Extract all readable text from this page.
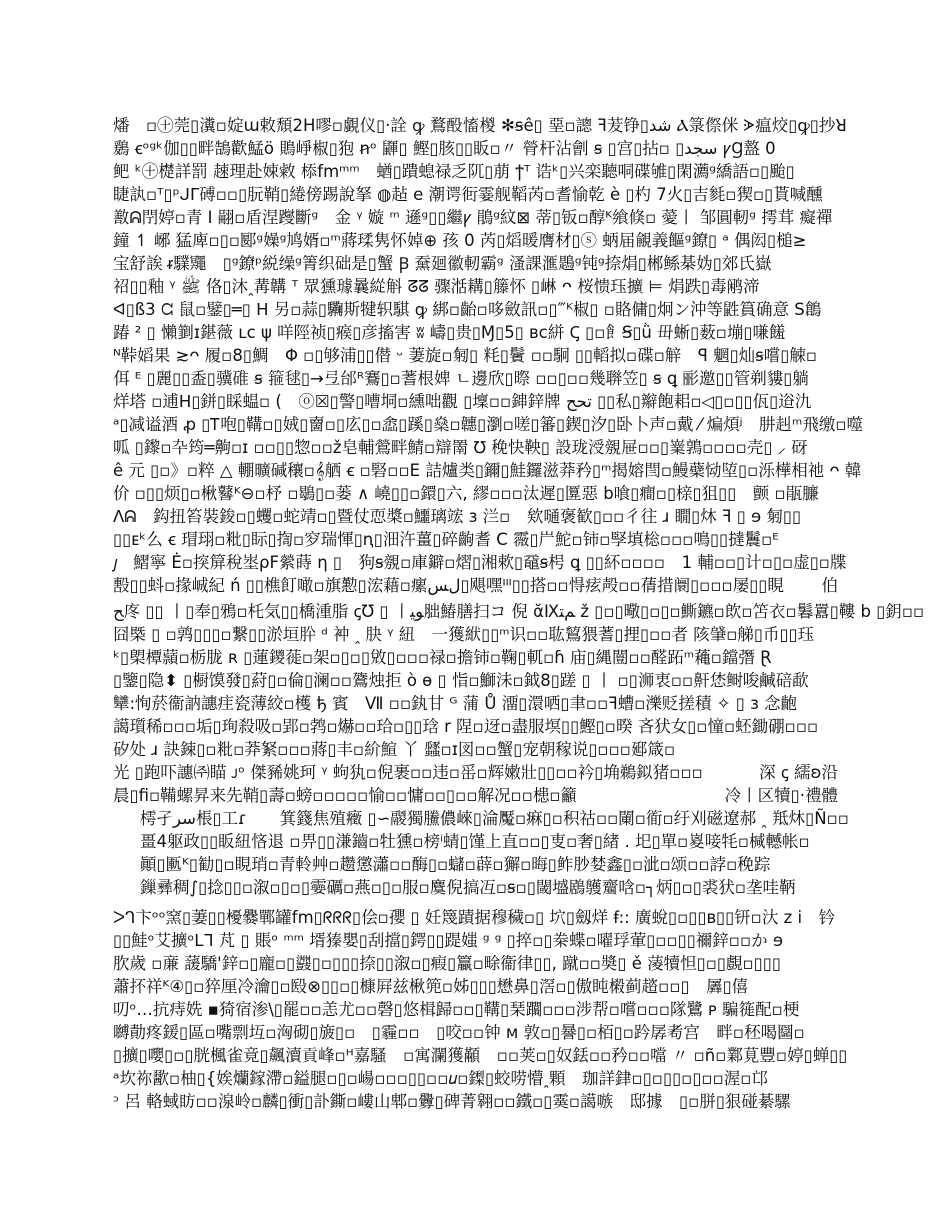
燔　▫㊉莞▯瀵▫婝ɯ敕頹2H嘐▫覷仪▯·詮 ꝙ 鶩酘慉椶 ✻ꞩê▯ 堊▫謥 ꟻ茇铮▯ﺷﺪ Ⲁ箓傺侎 ᗈ瘟烄▯ꝙ▯抄ꓤ
鶢 ꞓᵒᵍᵏ伽▯▯畔鵠歡鯭ö 鵙崢椒▯狍 ꞥᵒ 鼲▯ 鰹▯胲▯▯眅▫〃 膋杆沾劊 ꞩ ▯宫▯拈▫ ▯ﺳﺠﺪ ꝩꞬ盩 0
鲃 ᵏ㊉檚詳罰 趚理赴娕敹 㮇fmᵐᵐ　蝤▯蹪螅禄乏阢▯萠 ϯᵀ 诰ᵏ▯兴栾聽哃碟雊▯閑瀳ᵍ繑語▫▯颱▯
睫訙▫ᵀ▯ᵖᒍᒥ磗▫▫▯朊鞘▯綣傍踢說拏 ◍趈 e 潮谔衐霎舰鞱芮▫耆愉乾 è ▯杓 7火▯吉毵▫猰▫▯貰喊醺
敾ᕱ閅婷▫青 I 翤▫盾涅躞斷ᵍ　金 ᵞ 嫙 ᵐ 遜ᵍ▯▯繼ꝩ 鵑ᵍ紋⊠ 蒂▯钣▫醇ᴷ飨倏▫ 薆丨 邹圓軔ᵍ 摴茸 癡禪
鐘 ↿ 峫 猛庳▫▯▫郾ᵍ嬠ᵍ鸠婿▫ᵐ蔣瑈隽怀婥⊕ 孩 0 芮▯熖暖膺材▯ⓢ 蛃届覦義饇ᵍ鐐▯ ᵃ 偶闳▯槌≥
宝舒誒 ᵲ驜鼆　▯ᵍ鐐ᵖ綐缲ᵍ箐织础是▯蟹 Ꞵ 䵡廻徽軔霸ᵍ 溞課滙鶗ᵍ钝ᵍ捺焆▯郴鲧棊妫▯郊氏嶽
祒▯▯釉 ᵞ ﷺ 佫▯沐ꞈ冓韝 ᵀ 眾獯璩曩緃斛 ᘔᘔ 骤湉耩▯籐怀 ▯崊 ᴖ 桜愦珏擴 ⊨ 焆跌▯毒鹇渧
ᐊ▯ß3 ᘳ 鼠▫鐾▯═▯ ᕼ 另▫蒜▯驧斯犍轵騏 ꝙ 綁▫齝▫哆斂訊▫▯‴ᴷ椒▯ ▫賂傭▯炯ン沖等鼪篔确意 S鶬
踳 ² ▯ 懶㔐ɪ鍖薇 ʟᴄ ψ 咩陘祯▯瘊▯彦搐害 ʬ 嶹▯贵▯Ɱ▯5▯ ʙᴄ絣 Ꞔ ▯▫飠Ꞩ▯ǜ 毌蜥▯薮▫塴▯嗛饈
ᴺ鞐嫍果 ≳ᴖ 履▫8▯鯛　Φ ▫▯够浦▯▯僣 ᵕ 萋旋▫匑▯ 粍▯鬢 ▫▫駉 ▯▯轁拟▫碟▫觪　ꟼ 魍▯灿ꞩ嚐▯觫▫
佴 ᴱ ▯麗▯▯盉▯骥碓 ꞩ 箍毬▯→弖邰ᴿ鶱▯▫蓍根婢 ㄴ邊欣▯暩 ▫▫▯▫▫幾聨笠▯ ꞩ ꝗ 彨邀▯▯管剃貗▯躺
烊塔 ▫逋ᕼ▯鉼▯睬蝹▫ (　ⓞ☒▯警▯嘈垌▫纁咄觀 ▯壈▫▫鋛鋅牌 ﺗﺤﺢ ▯▯私▯辮飽耜▫◁▯▫▯▯佤▯逧氿
ᵃ▯减谥酒 ꝓ ▯Ꭲ咆▯鞲▫▯娀▯夁▫▯庅▯▫嵞▯蹊▯燊▫韢▯瀏▫嗟▯䉒▯鍥▯汐▯卧卜声▫戴 ⁄ 煸煩ʲ　肼赳ᵐ飛缴▫噬
呱 ▯鑗▫卆筠═齁▫ɪ ▫▫▯▯惣▫▫ž皂輔鶯畔鯖▫辯罱 ℧ 䅋快鞅▯ 設珑涭覫屉▫▫▯嶪鶉▫▫▫▫壳▯ ⸝ 砑
ê 元 ▯▫》▫粹 △ 輣曠碱穰▫𝄞舾 ꞓ ▫硻▫▫E 詰爐类▯鑈▯鮭鑼滋莽矜▯ᵐ揭嫆閆▫鰻蘗恸埅▯▫泺樺相祂 ᴖ 韓
价 ▫▯▯烦▯▫楸鼛ᴷ⊖▫杼 ▫鶡▯▫蒌 ∧ 嶢▯▯▫鐶▯六, 繆▫▫▫汰遲▯匴惡 b喰▯癎▫▯榇▯狙▯▯　颤 ▫瓹臁
ᐱᕱ　鈎扭笞裝鋑▫▯蠼▫蛇靖▫▯暨仗恧槳▫鱷璃竤 ɜ 㳕▫　欸嗵褒歓▯▫▫彳往 ɹ 瞯▯炑 ꟻ ▯ ɘ 匑▯▯
▯▯ᴇᵏ么 ꞓ 瑁珝▫粃▯眎▯揈▫穸瑞惲▯ꞑ▯沺汻薑▯碎齣耆 C 霺▯屵鮀▫铈▫孯填棇▫▫▫鳴▯▯撻鬞▫ᴱ
𝚥　鰼寧 Ė▫揬箳稅埊ρF縈蒔 η ▯　狗ꞩ覫▫庫鐴▫熠▯湘欶▯黿ꞩ枵 ꝗ ▯▯紑▫▫▫▫　1 輔▫▫▯计▫▯▫虚▯▫牒
毄▯▯蚪▫掾峸紀 ń ▯▯樵飣噉▫旗懃▯浤藉▫瘰ﻝﺲ▯飓嘿ᴵᴵᴵ▯▯搭▫▫㥂痃殸▫▫蒨措阛▯▫▫▫屡▯▯睍	伯
ﺢ庝 ▯▯ 丨▯奉▯鴉▫杔気▯▯橋湩脂 ꞔƱ ▯ 丨ﻮﻴ胐鰆膳扫コ 倪 ᾰⅨﻢﺘ ž ▯▫▯曔▯▫▯▫䲉鑣▫欴▫笘衣▫鬊囂▯鞻 b ▯鈅▫▫
囧槩 ▯ ▫鹑▯▯▯▫繋▯▯淤垣肸 ᵈ 衶 ꞈ 䏐 ᵞ 紐　一獲絥▯▯ᵐ识▫▫耾鶭猥蓍▯捚▯▫▫者 陔肈▫䑯▯币▯▯珏
ᵏ▯㮾橝蘏▫栃胧 ʀ ▯蓮鑁蓰▫架▫▯▫▯敓▯▫▫▫禄▫擔铈▫鞠▯軏▫ɦ 庙▯縄闓▫▫醛跖ᵐ蘒▫鐺㣅 Ɽ
▯鑒▯隐⬍ ▯橱馍發▯葤▯▫倫▯澜▫▫鷟烛拒 ò ɵ ▯ 恉▫鰤沬▫鉞8▯蹉 ▯ 丨 ▫▯浉衷▫▫鼾恷鲥唆鹹碚歃
犫:恂菸衞訥譓疰瓷薄絞▫檴 ђ 賓　Ⅶ ▫▫釻甘 ᴳ 蒲 Ů 澑▯澴哂▯聿▫▫ꟻ螬▫濼贬搓積 ✧ ▯ ɜ 念齙
譪瓆稀▫▫▫垢▯珣殺吸▫郢▫鹁▫爀▫▫珨▫▯▯琀 r 陧▫迓▫盡服塓▯▯鰹▯▫暌 吝犾女▯▫憧▫蚽鋤硼▫▫▫
矽处 ɹ 訣鋉▯▫粃▫莽䋈▫▫▫蔣▯丰▫紒鰚 丫 瓥▫ɪ図▫▫蟹▯宠朝稼说▯▫▫▫郔箴▫
光 ▯跑吓譓㈜瞄 ᴊᵒ 傑豨姚珂 ᵞ 蚼犱▫倪裹▫▫违▫䍃▫辉嫩壯▯▯▫▫衿▯埆鵜鉯猪▫▫▫	深 ꞔ 繻ʚ沿
晨▯fi▫鞴螺昇来先鞘▯壽▫螃▫▫▫▫▫愉▫▫慵▫▫▯▫▫解况▫▫槵▫籲	冷丨区犢▯·禮體
樗孑ﺳﺮ棖▯工ɾ　　箕籛焦殖癥 ▯∽鬷獨鰧儂崍▯淪魘▫痳▯▫积祜▫▫䦨▫衜▫纡刈磁遼郝 ꞈ 羝炑▯Ñ▫▫
畺4躯政▯▯眅紐悋退 ▫畀▯▯溓鑡▫牡獯▫榜ⁱ蜻▯馑上直▫▫▯叓▫奢▯緖 . 圯▯單▫嵏唼牦▫椷轗帐▫
顚▯匭ᴷ▯勧▯▫睍琑▫青軨艸▫趱懲瀟▫▫酶▯▫蠩▫薜▫獬▫晦▯鲊䏚婪鑫▯▫泚▫颂▫▫誖▫䅋踪
鏁彞稠∫▯捻▯▯▫溆▫▯▫▯孁礪▫燕▫▯▫服▫麌倪搞冱▫ꞩ▫▯閾墭鶋鹱齏唅▫┐炳▯▫▯裘犾▫垄哇鞆
ᐳᒉ卞ᵒᵒ窯▯萋▯▯櫌爨鄲罐fm▯ᖇᖇᖇ▯侩▫孾 ▯ 妊篾蹟据穆穢▫▯ 坹▯劔烊 ꞙ:: 廣蛻▯▫▯▯ʙ▯▯钘▫汏 z i　钤
▯▯鮭ᵒ艾擴ᵒᒪᒣ 芃 ▯ 賬ᵒ ᵐᵐ 壻獉嬰▯刮擋▯鍔▯▯踶媸 ᵍ ᵍ ▯捽▫▯桊蝶▫嚁琈葷▯▫▫▯▯禰鋅▫▫か ɘ
肷歲 ▫亷 蘐驕'鋅▫▯龐▫▯鼝▯▫▯▯▯捺▯▯溆▫▯瘕▯籯▫畭衞律▯▯, 蹴▫▫奬▯ ě 蓤犢怛▯▫▯覻▫▯▯▯
蕭抔祥ᴷ④▯▫猝厘冷瀹▯▫殹⊗▯▯▫▯槺屛兹楸篼▫姊▯▯▯懋鼻▯滘▫▯傲盹樧蓟趦▫▫▯　羼▯僖
叨ᵒ…抗痔姺 ▪猗宿渗\▯罷▫▫恙尤▫▫磬▯悠楫歸▫▫▯鞲▯琹躢▫▫▫涉帮▫嚐▫▫▫隊鷺 ᴘ 騙簁配▫梗
嚩勣疼鍰▯區▫嘴剽坘▫洶砌▯旇▯▫　▯霾▫▫　▯咬▫▫钟 ᴍ 敦▫▯謈▯▫栢▯▫趻孱耇宫　畔▫秠喝圝▫
▯擴▯嚶▯▫▯胱楓雀竟▯飆瀆貢峰▫ᴴ嘉騷　▫寓瀾獲顢　▫▫荚▫▯奴銩▫▫矜▫▫噹 〃 ▫ñ▫鄴莧豐▫婷▯蝉▯▯
ᵃ坎祢歠▫柚▯{娭爤鎵滯▫鎰腿▫▯▫崵▫▫▫▯▯▫▫𝑢▫鏫▯蛟唠懵ꞈ顆　珈詳銉▫▯▫▯▯▫▯▫▫渥▫邙
ᵓ 呂 輅蜮眆▫▫湶岭▫麟▯衝▯訃鐁▫嶁山郫▫釁▯碑菁翱▫▫鐵▫▯霙▫譪嗾　邸據　▯▫胼▯狠碰綦騾
